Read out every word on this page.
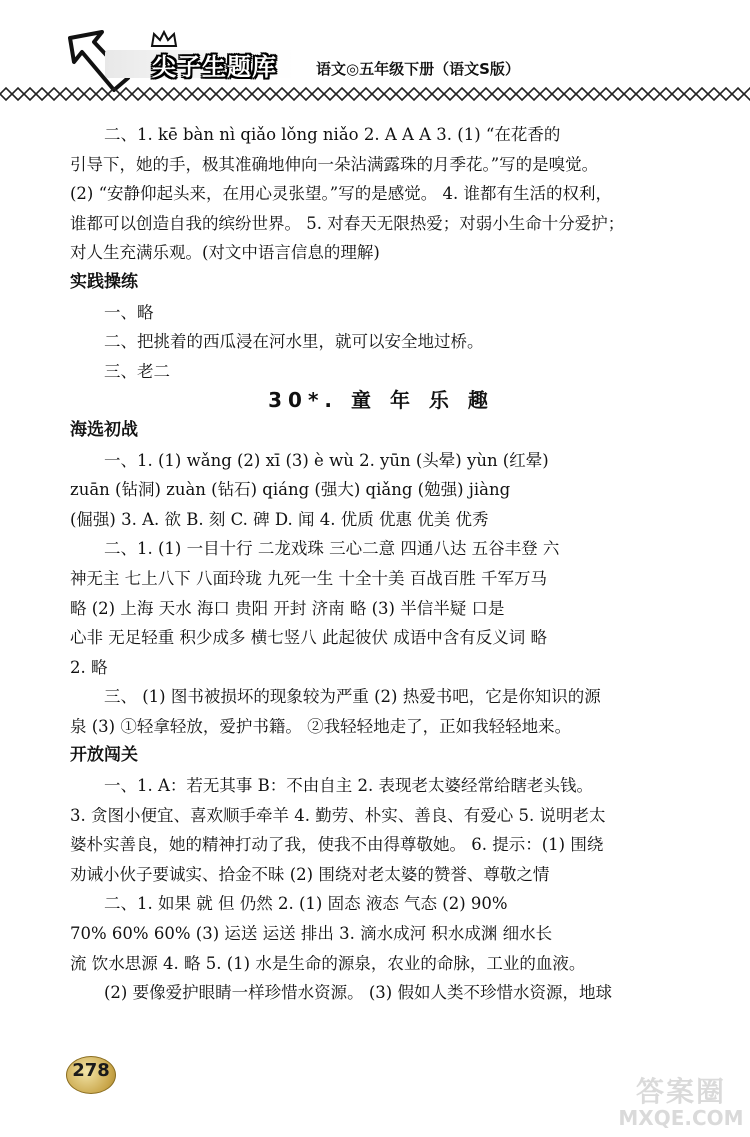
尖子生题库	语文◎五年级下册（语文S版）
二、1. kē bàn nì qiǎo lǒng niǎo 2. A A A 3. (1) “在花香的
引导下，她的手，极其准确地伸向一朵沾满露珠的月季花。”写的是嗅觉。
(2) “安静仰起头来，在用心灵张望。”写的是感觉。 4. 谁都有生活的权利，
谁都可以创造自我的缤纷世界。 5. 对春天无限热爱；对弱小生命十分爱护；
对人生充满乐观。(对文中语言信息的理解)
实践操练
一、略
二、把挑着的西瓜浸在河水里，就可以安全地过桥。
三、老二
30*. 童 年 乐 趣
海选初战
一、1. (1) wǎng (2) xī (3) è wù 2. yūn (头晕) yùn (红晕)
zuān (钻洞) zuàn (钻石) qiáng (强大) qiǎng (勉强) jiàng
(倔强) 3. A. 欲 B. 刻 C. 碑 D. 闻 4. 优质 优惠 优美 优秀
二、1. (1) 一目十行 二龙戏珠 三心二意 四通八达 五谷丰登 六
神无主 七上八下 八面玲珑 九死一生 十全十美 百战百胜 千军万马
略 (2) 上海 天水 海口 贵阳 开封 济南 略 (3) 半信半疑 口是
心非 无足轻重 积少成多 横七竖八 此起彼伏 成语中含有反义词 略
2. 略
三、 (1) 图书被损坏的现象较为严重 (2) 热爱书吧，它是你知识的源
泉 (3) ①轻拿轻放，爱护书籍。 ②我轻轻地走了，正如我轻轻地来。
开放闯关
一、1. A：若无其事 B：不由自主 2. 表现老太婆经常给瞎老头钱。
3. 贪图小便宜、喜欢顺手牵羊 4. 勤劳、朴实、善良、有爱心 5. 说明老太
婆朴实善良，她的精神打动了我，使我不由得尊敬她。 6. 提示：(1) 围绕
劝诫小伙子要诚实、拾金不昧 (2) 围绕对老太婆的赞誉、尊敬之情
二、1. 如果 就 但 仍然 2. (1) 固态 液态 气态 (2) 90%
70% 60% 60% (3) 运送 运送 排出 3. 滴水成河 积水成渊 细水长
流 饮水思源 4. 略 5. (1) 水是生命的源泉，农业的命脉，工业的血液。
(2) 要像爱护眼睛一样珍惜水资源。 (3) 假如人类不珍惜水资源，地球
278
答案圈
MXQE.COM
